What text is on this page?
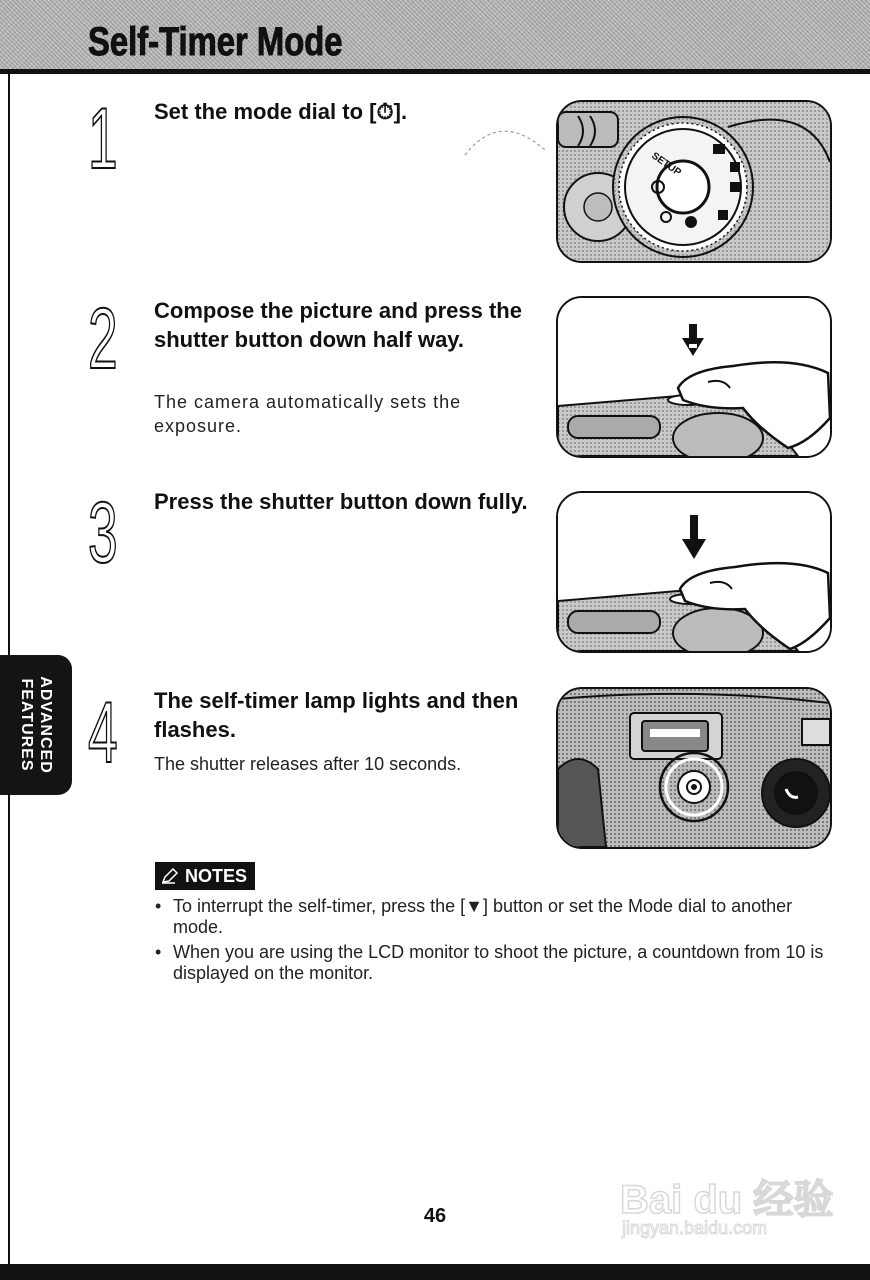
Self-Timer Mode
ADVANCED
FEATURES
1 Set the mode dial to [⏱].
SETUP
2 Compose the picture and press the shutter button down half way.
The camera automatically sets the exposure.
3 Press the shutter button down fully.
4 The self-timer lamp lights and then flashes.
The shutter releases after 10 seconds.
NOTES
• To interrupt the self-timer, press the [▼] button or set the Mode dial to another mode.
• When you are using the LCD monitor to shoot the picture, a countdown from 10 is displayed on the monitor.
46	Bai du 经验
jingyan.baidu.com
